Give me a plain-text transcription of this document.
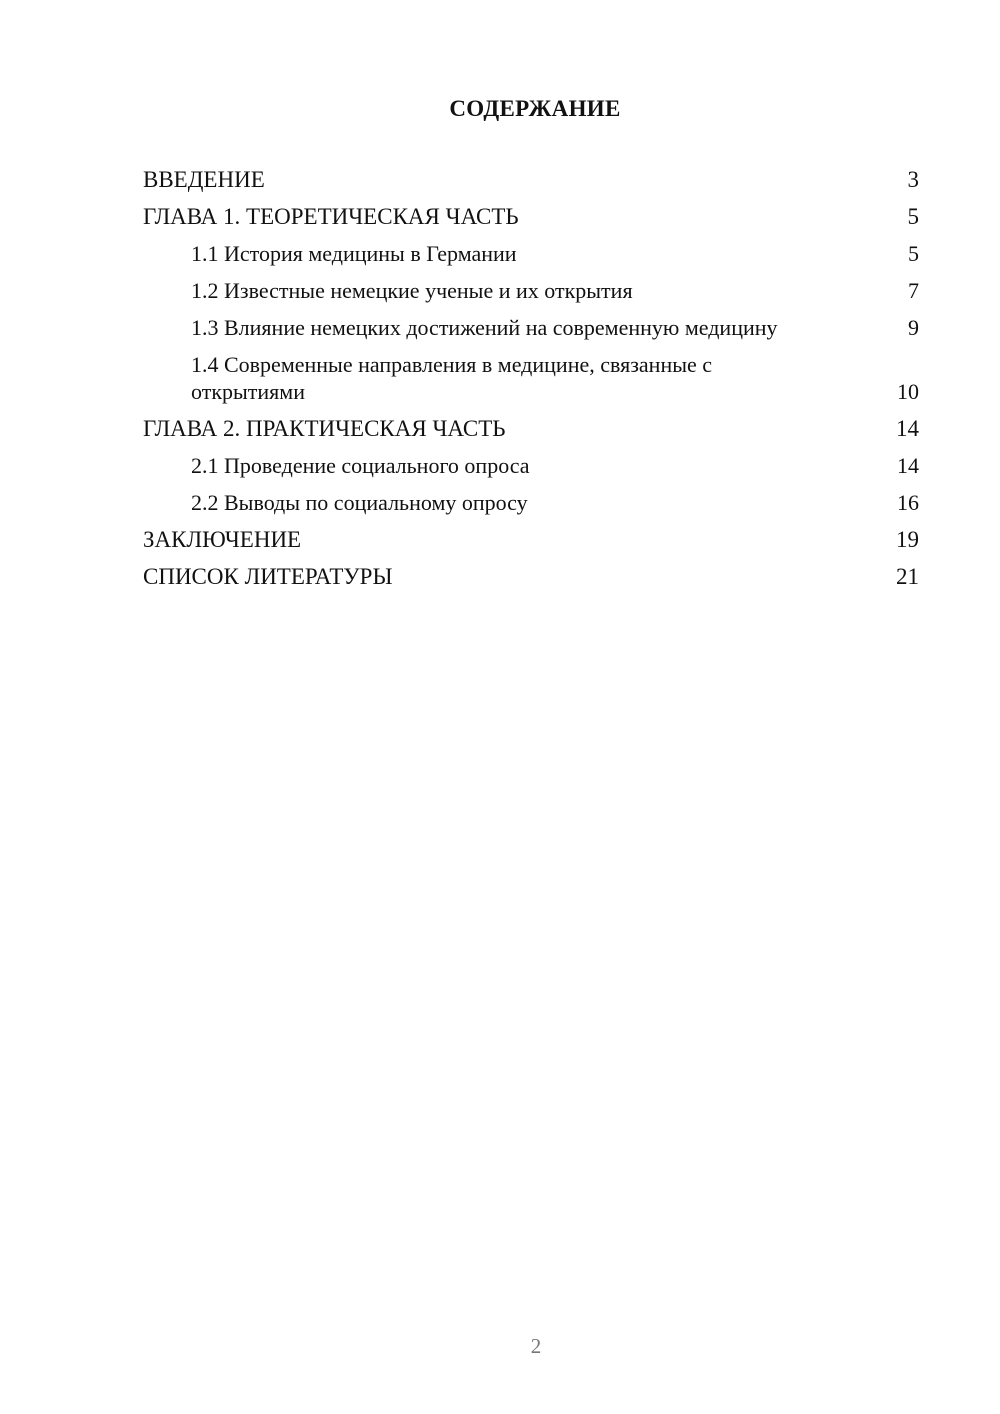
СОДЕРЖАНИЕ
ВВЕДЕНИЕ	3
ГЛАВА 1. ТЕОРЕТИЧЕСКАЯ ЧАСТЬ	5
1.1 История медицины в Германии	5
1.2 Известные немецкие ученые и их открытия	7
1.3 Влияние немецких достижений на современную медицину	9
1.4 Современные направления в медицине, связанные с открытиями	10
ГЛАВА 2. ПРАКТИЧЕСКАЯ ЧАСТЬ	14
2.1 Проведение социального опроса	14
2.2 Выводы по социальному опросу	16
ЗАКЛЮЧЕНИЕ	19
СПИСОК ЛИТЕРАТУРЫ	21
2
